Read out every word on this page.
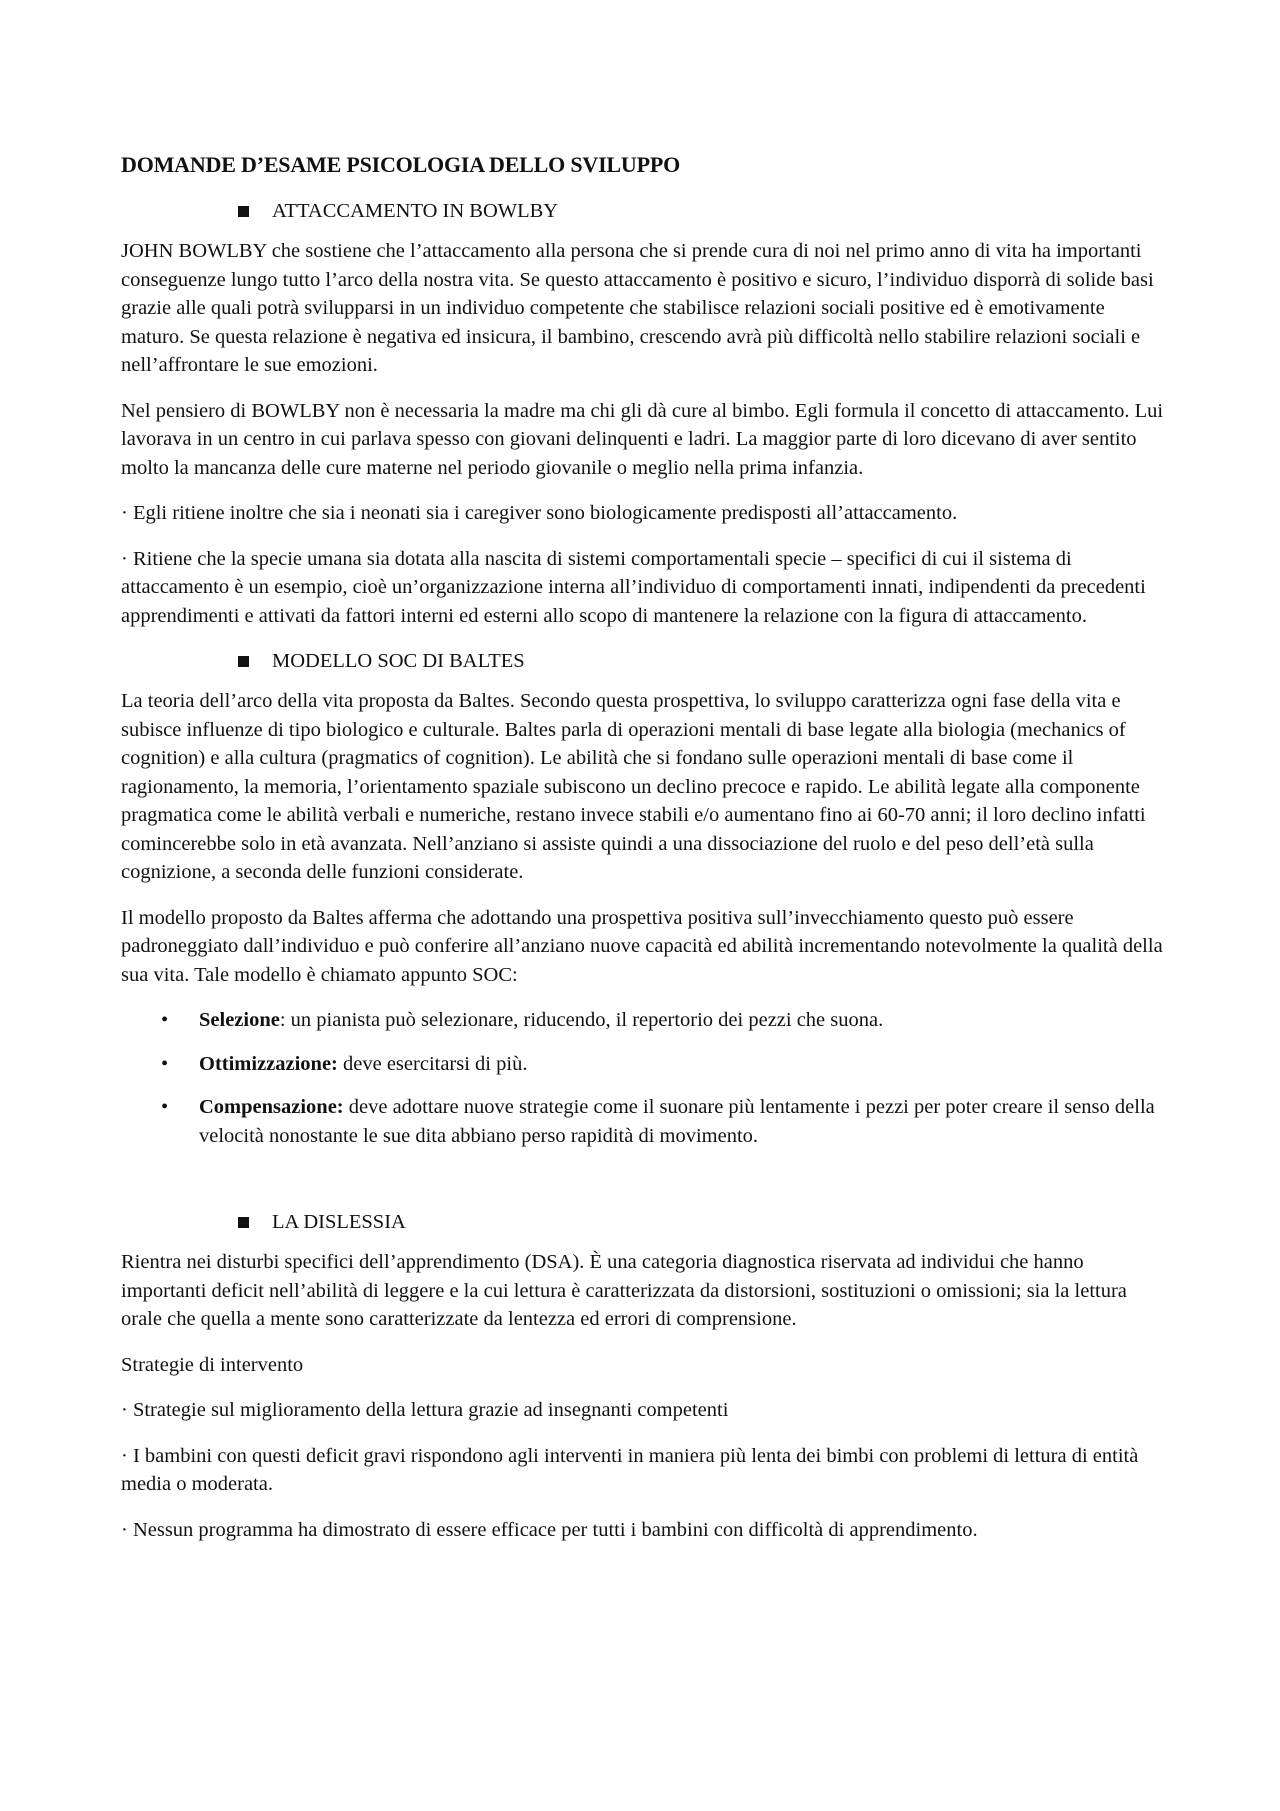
DOMANDE D’ESAME PSICOLOGIA DELLO SVILUPPO
ATTACCAMENTO IN BOWLBY

JOHN BOWLBY che sostiene che l’attaccamento alla persona che si prende cura di noi nel primo anno di vita ha importanti conseguenze lungo tutto l’arco della nostra vita. Se questo attaccamento è positivo e sicuro, l’individuo disporrà di solide basi grazie alle quali potrà svilupparsi in un individuo competente che stabilisce relazioni sociali positive ed è emotivamente maturo. Se questa relazione è negativa ed insicura, il bambino, crescendo avrà più difficoltà nello stabilire relazioni sociali e nell’affrontare le sue emozioni.

Nel pensiero di BOWLBY non è necessaria la madre ma chi gli dà cure al bimbo. Egli formula il concetto di attaccamento. Lui lavorava in un centro in cui parlava spesso con giovani delinquenti e ladri. La maggior parte di loro dicevano di aver sentito molto la mancanza delle cure materne nel periodo giovanile o meglio nella prima infanzia.

· Egli ritiene inoltre che sia i neonati sia i caregiver sono biologicamente predisposti all’attaccamento.

· Ritiene che la specie umana sia dotata alla nascita di sistemi comportamentali specie – specifici di cui il sistema di attaccamento è un esempio, cioè un’organizzazione interna all’individuo di comportamenti innati, indipendenti da precedenti apprendimenti e attivati da fattori interni ed esterni allo scopo di mantenere la relazione con la figura di attaccamento.

MODELLO SOC DI BALTES

La teoria dell’arco della vita proposta da Baltes. Secondo questa prospettiva, lo sviluppo caratterizza ogni fase della vita e subisce influenze di tipo biologico e culturale. Baltes parla di operazioni mentali di base legate alla biologia (mechanics of cognition) e alla cultura (pragmatics of cognition). Le abilità che si fondano sulle operazioni mentali di base come il ragionamento, la memoria, l’orientamento spaziale subiscono un declino precoce e rapido. Le abilità legate alla componente pragmatica come le abilità verbali e numeriche, restano invece stabili e/o aumentano fino ai 60-70 anni; il loro declino infatti comincerebbe solo in età avanzata. Nell’anziano si assiste quindi a una dissociazione del ruolo e del peso dell’età sulla cognizione, a seconda delle funzioni considerate.

Il modello proposto da Baltes afferma che adottando una prospettiva positiva sull’invecchiamento questo può essere padroneggiato dall’individuo e può conferire all’anziano nuove capacità ed abilità incrementando notevolmente la qualità della sua vita. Tale modello è chiamato appunto SOC:

• Selezione: un pianista può selezionare, riducendo, il repertorio dei pezzi che suona.
• Ottimizzazione: deve esercitarsi di più.
• Compensazione: deve adottare nuove strategie come il suonare più lentamente i pezzi per poter creare il senso della velocità nonostante le sue dita abbiano perso rapidità di movimento.
LA DISLESSIA

Rientra nei disturbi specifici dell’apprendimento (DSA). È una categoria diagnostica riservata ad individui che hanno importanti deficit nell’abilità di leggere e la cui lettura è caratterizzata da distorsioni, sostituzioni o omissioni; sia la lettura orale che quella a mente sono caratterizzate da lentezza ed errori di comprensione.

Strategie di intervento

· Strategie sul miglioramento della lettura grazie ad insegnanti competenti

· I bambini con questi deficit gravi rispondono agli interventi in maniera più lenta dei bimbi con problemi di lettura di entità media o moderata.

· Nessun programma ha dimostrato di essere efficace per tutti i bambini con difficoltà di apprendimento.
